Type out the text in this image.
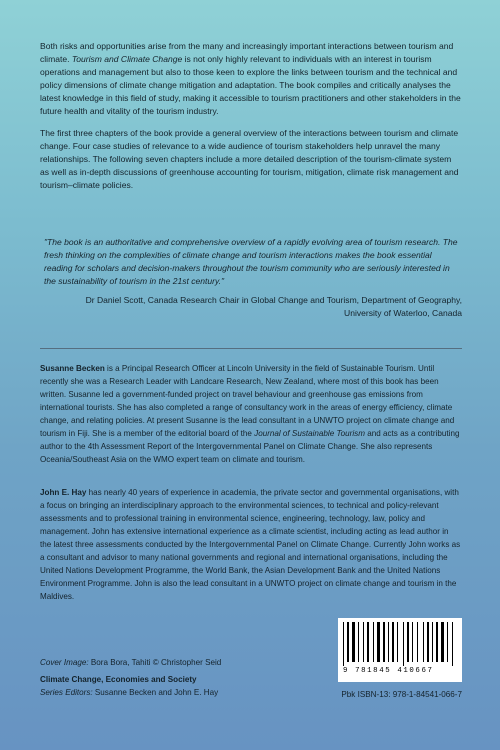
Both risks and opportunities arise from the many and increasingly important interactions between tourism and climate. Tourism and Climate Change is not only highly relevant to individuals with an interest in tourism operations and management but also to those keen to explore the links between tourism and the technical and policy dimensions of climate change mitigation and adaptation. The book compiles and critically analyses the latest knowledge in this field of study, making it accessible to tourism practitioners and other stakeholders in the future health and vitality of the tourism industry.

The first three chapters of the book provide a general overview of the interactions between tourism and climate change. Four case studies of relevance to a wide audience of tourism stakeholders help unravel the many relationships. The following seven chapters include a more detailed description of the tourism-climate system as well as in-depth discussions of greenhouse accounting for tourism, mitigation, climate risk management and tourism–climate policies.

"The book is an authoritative and comprehensive overview of a rapidly evolving area of tourism research. The fresh thinking on the complexities of climate change and tourism interactions makes the book essential reading for scholars and decision-makers throughout the tourism community who are seriously interested in the sustainability of tourism in the 21st century."

Dr Daniel Scott, Canada Research Chair in Global Change and Tourism, Department of Geography, University of Waterloo, Canada

Susanne Becken is a Principal Research Officer at Lincoln University in the field of Sustainable Tourism. Until recently she was a Research Leader with Landcare Research, New Zealand, where most of this book has been written. Susanne led a government-funded project on travel behaviour and greenhouse gas emissions from international tourists. She has also completed a range of consultancy work in the areas of energy efficiency, climate change, and relating policies. At present Susanne is the lead consultant in a UNWTO project on climate change and tourism in Fiji. She is a member of the editorial board of the Journal of Sustainable Tourism and acts as a contributing author to the 4th Assessment Report of the Intergovernmental Panel on Climate Change. She also represents Oceania/Southeast Asia on the WMO expert team on climate and tourism.

John E. Hay has nearly 40 years of experience in academia, the private sector and governmental organisations, with a focus on bringing an interdisciplinary approach to the environmental sciences, to technical and policy-relevant assessments and to professional training in environmental science, engineering, technology, law, policy and management. John has extensive international experience as a climate scientist, including acting as lead author in the latest three assessments conducted by the Intergovernmental Panel on Climate Change. Currently John works as a consultant and advisor to many national governments and regional and international organisations, including the United Nations Development Programme, the World Bank, the Asian Development Bank and the United Nations Environment Programme. John is also the lead consultant in a UNWTO project on climate change and tourism in the Maldives.

Cover Image: Bora Bora, Tahiti © Christopher Seid

Climate Change, Economies and Society

Series Editors: Susanne Becken and John E. Hay

9 781845 410667

Pbk ISBN-13: 978-1-84541-066-7
